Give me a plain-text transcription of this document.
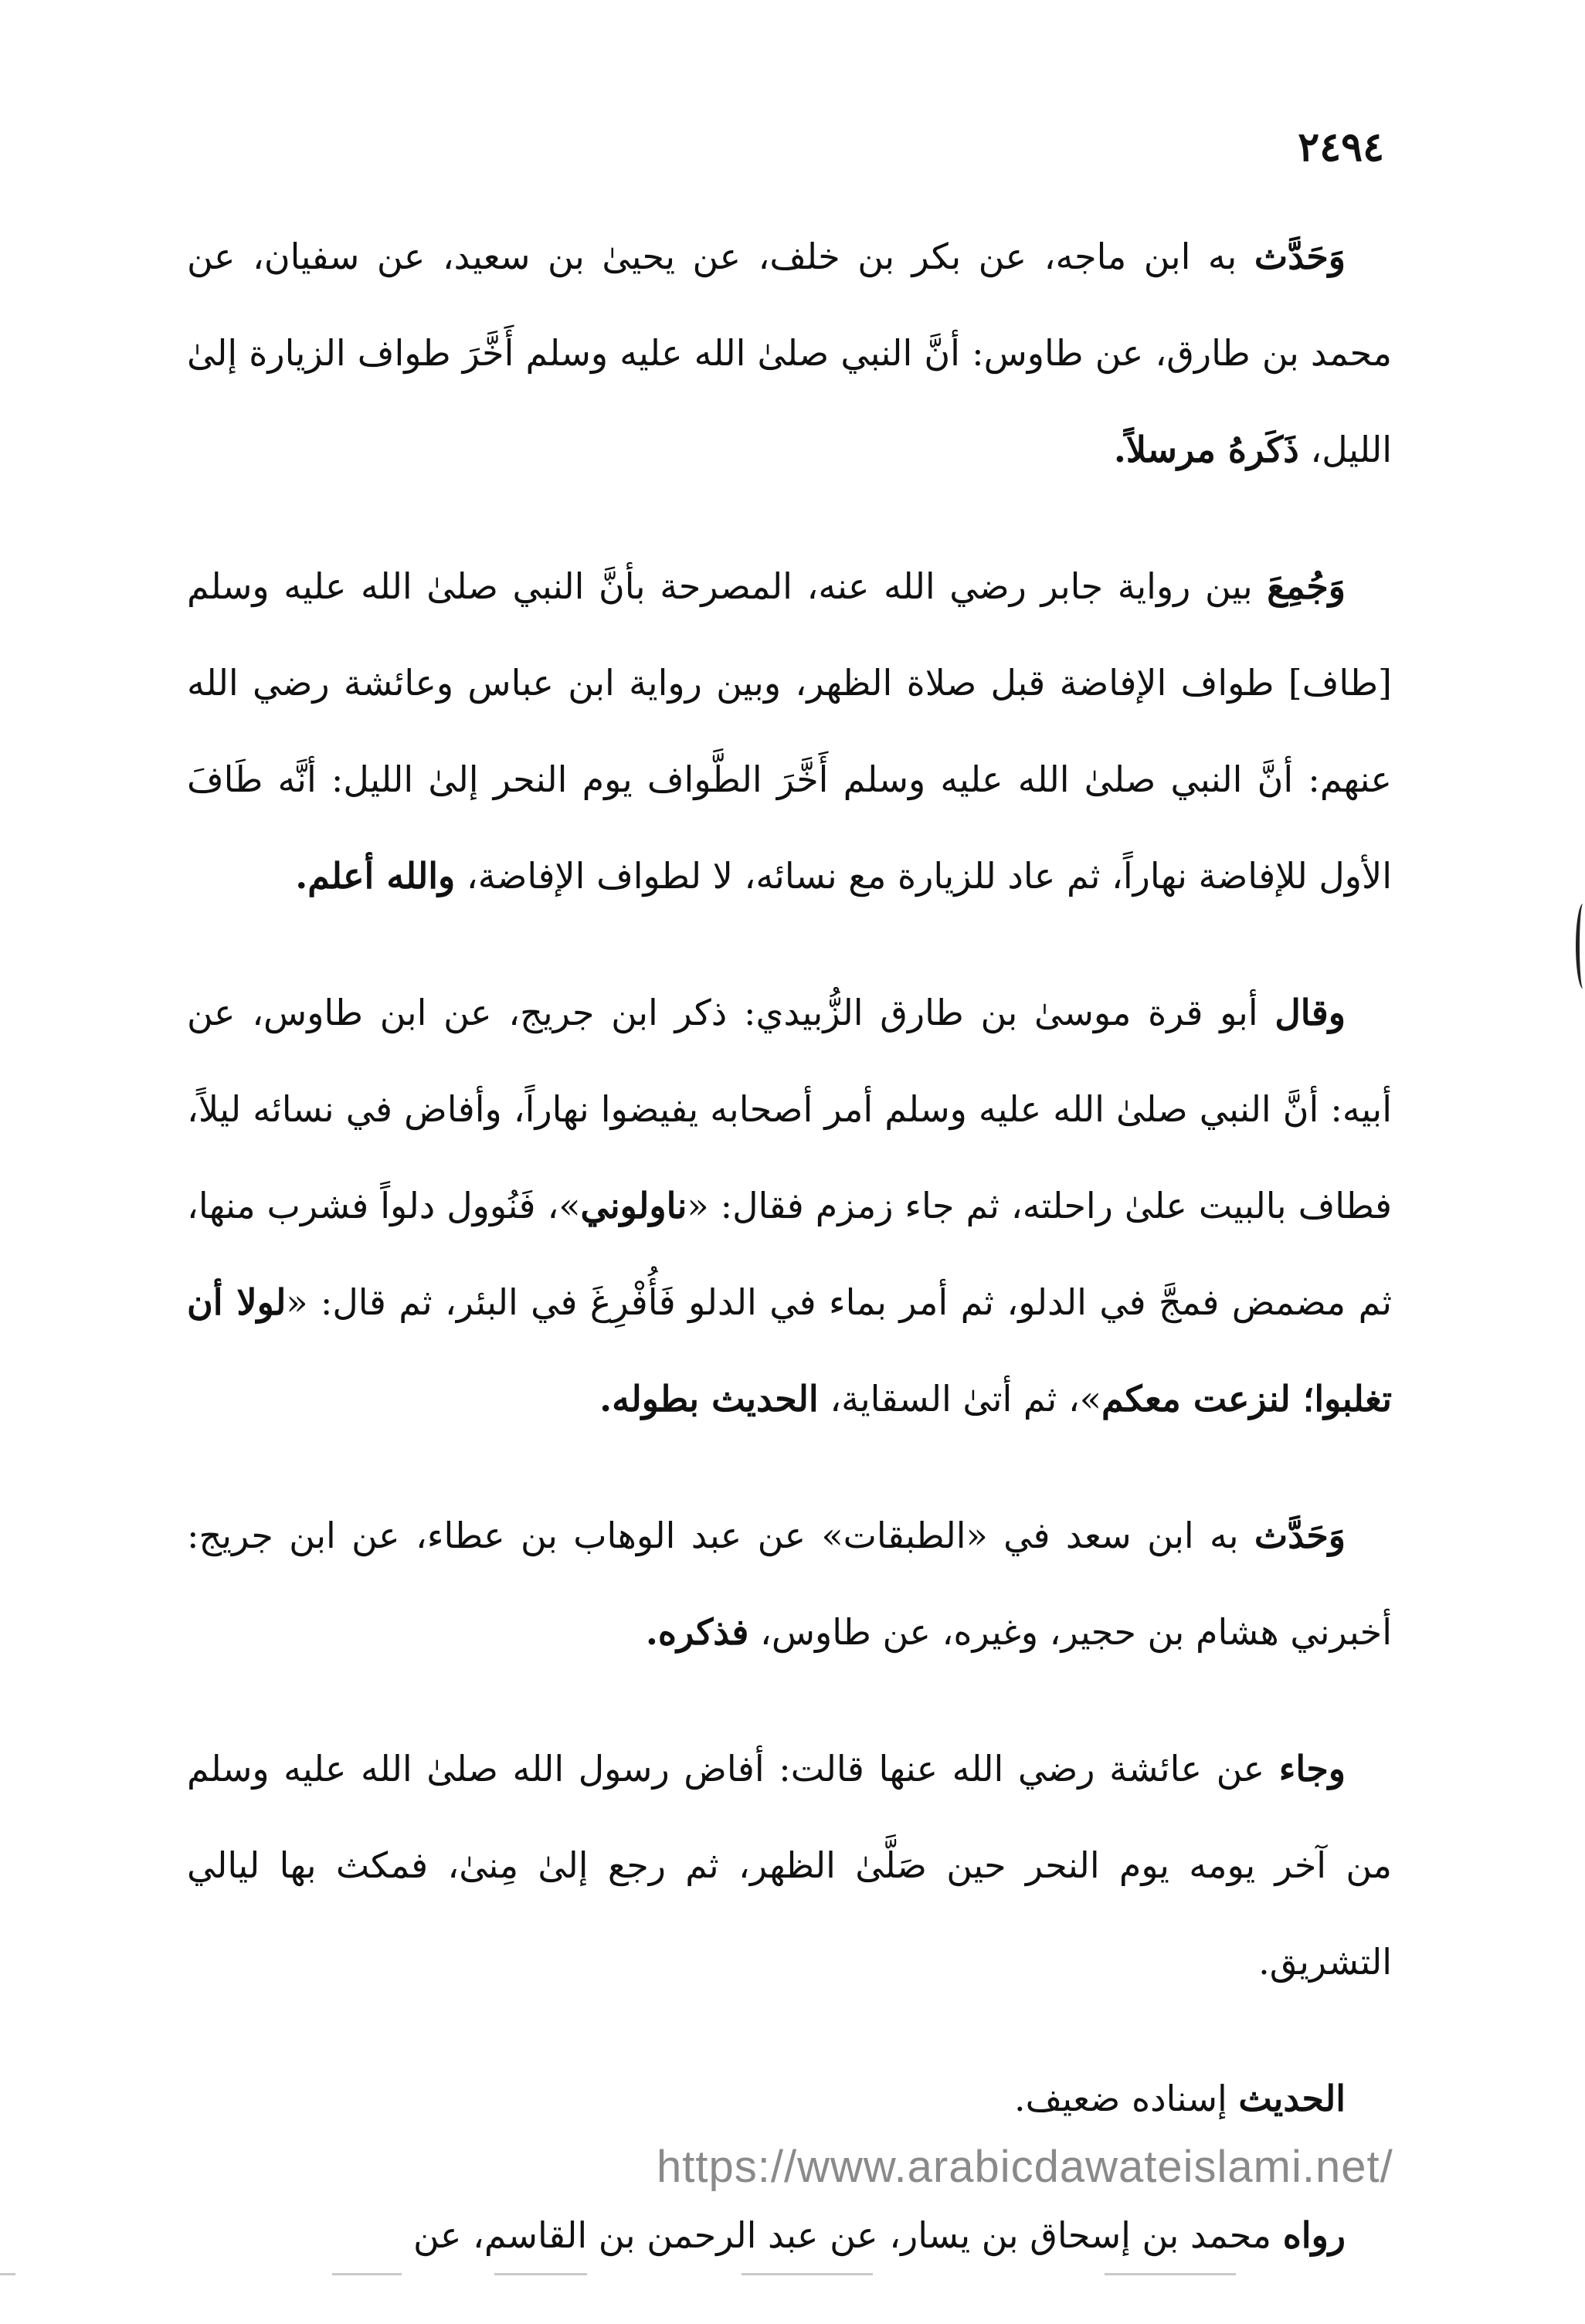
٢٤٩٤

وَحَدَّث به ابن ماجه، عن بكر بن خلف، عن يحيىٰ بن سعيد، عن سفيان، عن محمد بن طارق، عن طاوس: أنَّ النبي صلىٰ الله عليه وسلم أَخَّرَ طواف الزيارة إلىٰ الليل، ذَكَرهُ مرسلاً.

وَجُمِعَ بين رواية جابر رضي الله عنه، المصرحة بأنَّ النبي صلىٰ الله عليه وسلم [طاف] طواف الإفاضة قبل صلاة الظهر، وبين رواية ابن عباس وعائشة رضي الله عنهم: أنَّ النبي صلىٰ الله عليه وسلم أَخَّرَ الطَّواف يوم النحر إلىٰ الليل: أنَّه طَافَ الأول للإفاضة نهاراً، ثم عاد للزيارة مع نسائه، لا لطواف الإفاضة، والله أعلم.

وقال أبو قرة موسىٰ بن طارق الزُّبيدي: ذكر ابن جريج، عن ابن طاوس، عن أبيه: أنَّ النبي صلىٰ الله عليه وسلم أمر أصحابه يفيضوا نهاراً، وأفاض في نسائه ليلاً، فطاف بالبيت علىٰ راحلته، ثم جاء زمزم فقال: «ناولوني»، فَنُوول دلواً فشرب منها، ثم مضمض فمجَّ في الدلو، ثم أمر بماء في الدلو فَأُفْرِغَ في البئر، ثم قال: «لولا أن تغلبوا؛ لنزعت معكم»، ثم أتىٰ السقاية، الحديث بطوله.

وَحَدَّث به ابن سعد في «الطبقات» عن عبد الوهاب بن عطاء، عن ابن جريج: أخبرني هشام بن حجير، وغيره، عن طاوس، فذكره.

وجاء عن عائشة رضي الله عنها قالت: أفاض رسول الله صلىٰ الله عليه وسلم من آخر يومه يوم النحر حين صَلَّىٰ الظهر، ثم رجع إلىٰ مِنىٰ، فمكث بها ليالي التشريق.

الحديث إسناده ضعيف.

رواه محمد بن إسحاق بن يسار، عن عبد الرحمن بن القاسم، عن

https://www.arabicdawateislami.net/
